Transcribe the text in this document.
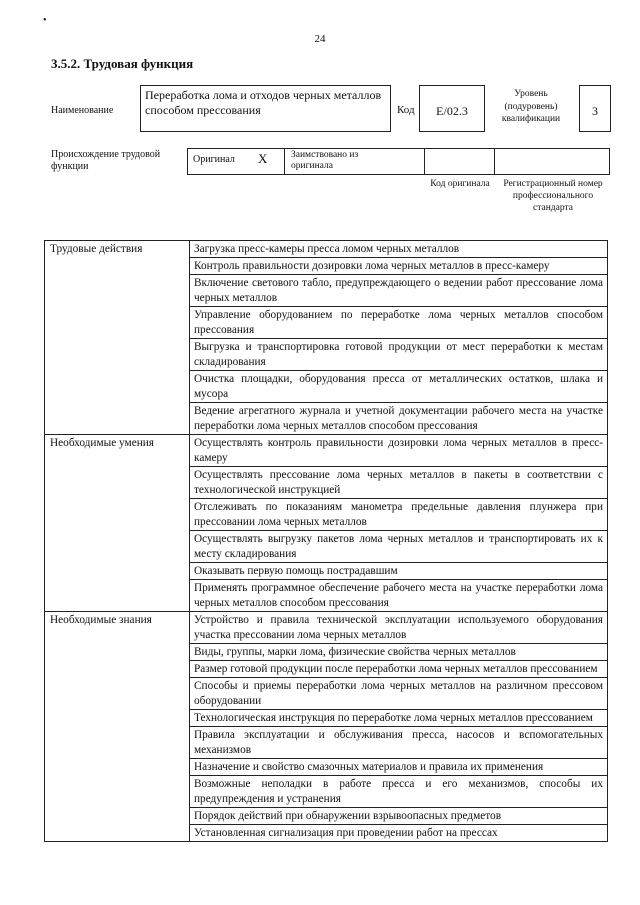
•
24
3.5.2. Трудовая функция
Наименование
Переработка лома и отходов черных металлов способом прессования	Код	E/02.3
Уровень (подуровень) квалификации
3
Происхождение трудовой функции
Оригинал X Заимствовано из оригинала
Код оригинала	Регистрационный номер профессионального стандарта
Трудовые действия	Загрузка пресс-камеры пресса ломом черных металлов
	Контроль правильности дозировки лома черных металлов в пресс-камеру
	Включение светового табло, предупреждающего о ведении работ прессование лома черных металлов
	Управление оборудованием по переработке лома черных металлов способом прессования
	Выгрузка и транспортировка готовой продукции от мест переработки к местам складирования
	Очистка площадки, оборудования пресса от металлических остатков, шлака и мусора
	Ведение агрегатного журнала и учетной документации рабочего места на участке переработки лома черных металлов способом прессования
Необходимые умения	Осуществлять контроль правильности дозировки лома черных металлов в пресс-камеру
	Осуществлять прессование лома черных металлов в пакеты в соответствии с технологической инструкцией
	Отслеживать по показаниям манометра предельные давления плунжера при прессовании лома черных металлов
	Осуществлять выгрузку пакетов лома черных металлов и транспортировать их к месту складирования
	Оказывать первую помощь пострадавшим
	Применять программное обеспечение рабочего места на участке переработки лома черных металлов способом прессования
Необходимые знания	Устройство и правила технической эксплуатации используемого оборудования участка прессовании лома черных металлов
	Виды, группы, марки лома, физические свойства черных металлов
	Размер готовой продукции после переработки лома черных металлов прессованием
	Способы и приемы переработки лома черных металлов на различном прессовом оборудовании
	Технологическая инструкция по переработке лома черных металлов прессованием
	Правила эксплуатации и обслуживания пресса, насосов и вспомогательных механизмов
	Назначение и свойство смазочных материалов и правила их применения
	Возможные неполадки в работе пресса и его механизмов, способы их предупреждения и устранения
	Порядок действий при обнаружении взрывоопасных предметов
	Установленная сигнализация при проведении работ на прессах
